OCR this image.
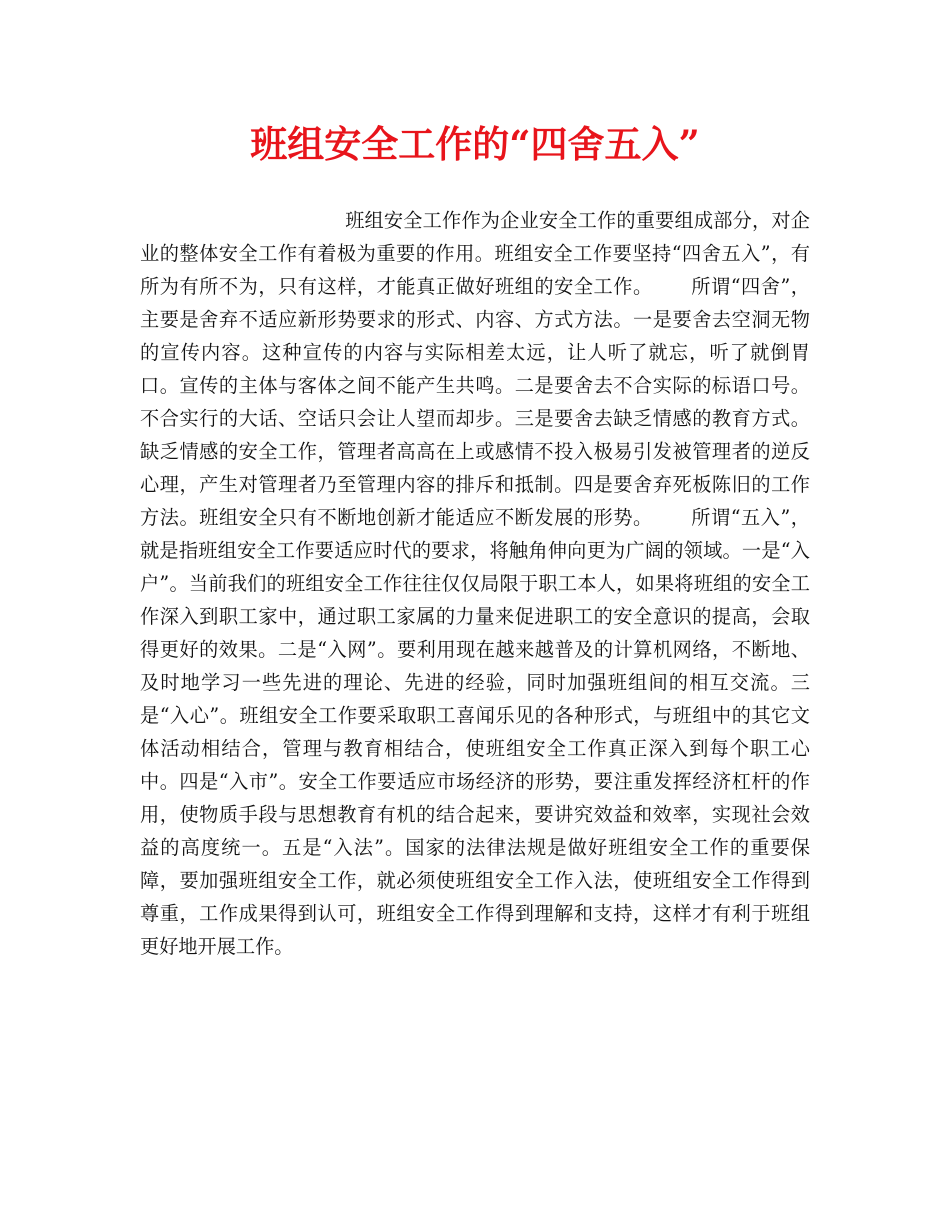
班组安全工作的“四舍五入”

班组安全工作作为企业安全工作的重要组成部分，对企业的整体安全工作有着极为重要的作用。班组安全工作要坚持“四舍五入”，有所为有所不为，只有这样，才能真正做好班组的安全工作。 所谓“四舍”，主要是舍弃不适应新形势要求的形式、内容、方式方法。一是要舍去空洞无物的宣传内容。这种宣传的内容与实际相差太远，让人听了就忘，听了就倒胃口。宣传的主体与客体之间不能产生共鸣。二是要舍去不合实际的标语口号。不合实行的大话、空话只会让人望而却步。三是要舍去缺乏情感的教育方式。缺乏情感的安全工作，管理者高高在上或感情不投入极易引发被管理者的逆反心理，产生对管理者乃至管理内容的排斥和抵制。四是要舍弃死板陈旧的工作方法。班组安全只有不断地创新才能适应不断发展的形势。 所谓“五入”，就是指班组安全工作要适应时代的要求，将触角伸向更为广阔的领域。一是“入户”。当前我们的班组安全工作往往仅仅局限于职工本人，如果将班组的安全工作深入到职工家中，通过职工家属的力量来促进职工的安全意识的提高，会取得更好的效果。二是“入网”。要利用现在越来越普及的计算机网络，不断地、及时地学习一些先进的理论、先进的经验，同时加强班组间的相互交流。三是“入心”。班组安全工作要采取职工喜闻乐见的各种形式，与班组中的其它文体活动相结合，管理与教育相结合，使班组安全工作真正深入到每个职工心中。四是“入市”。安全工作要适应市场经济的形势，要注重发挥经济杠杆的作用，使物质手段与思想教育有机的结合起来，要讲究效益和效率，实现社会效益的高度统一。五是“入法”。国家的法律法规是做好班组安全工作的重要保障，要加强班组安全工作，就必须使班组安全工作入法，使班组安全工作得到尊重，工作成果得到认可，班组安全工作得到理解和支持，这样才有利于班组更好地开展工作。
